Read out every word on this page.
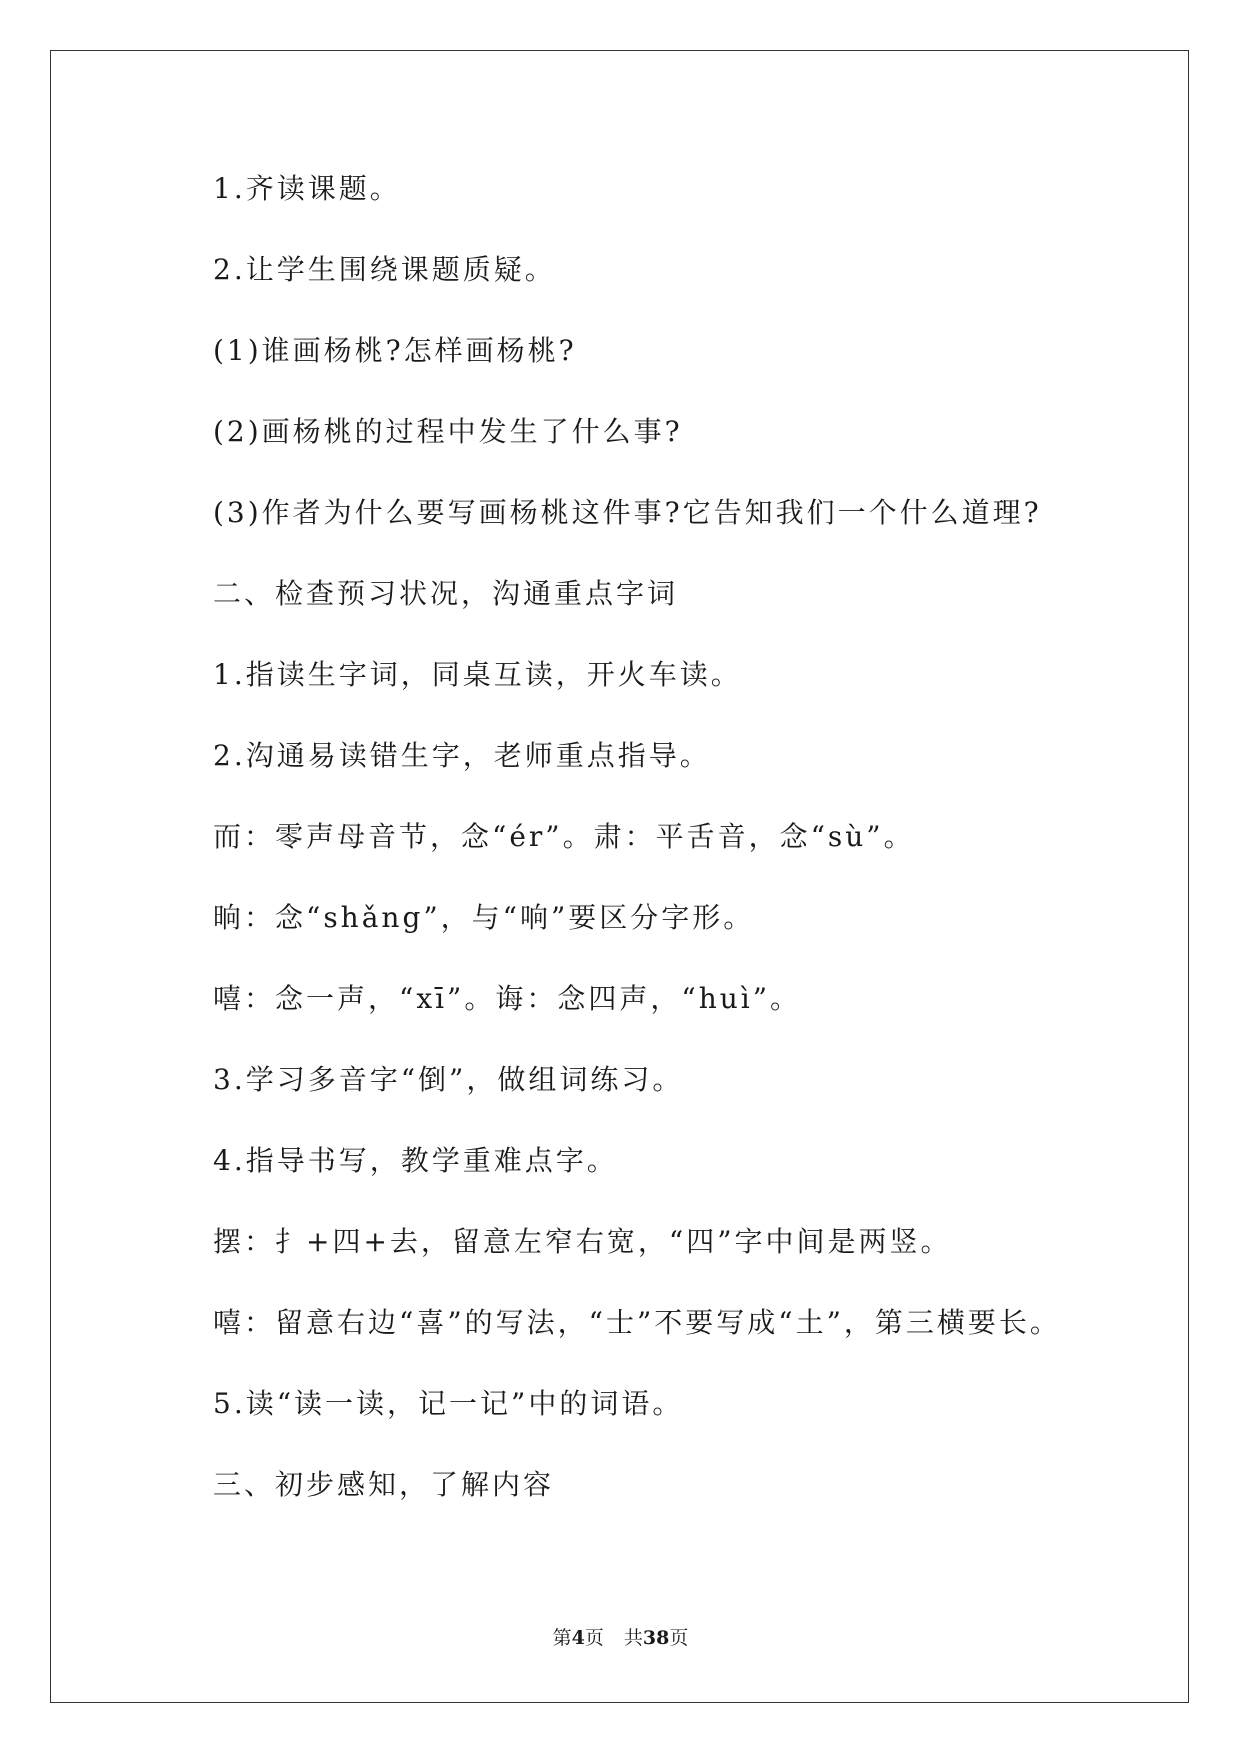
1.齐读课题。
2.让学生围绕课题质疑。
(1)谁画杨桃?怎样画杨桃?
(2)画杨桃的过程中发生了什么事?
(3)作者为什么要写画杨桃这件事?它告知我们一个什么道理?
二、检查预习状况，沟通重点字词
1.指读生字词，同桌互读，开火车读。
2.沟通易读错生字，老师重点指导。
而：零声母音节，念“ér”。肃：平舌音，念“sù”。
晌：念“shǎng”，与“响”要区分字形。
嘻：念一声，“xī”。诲：念四声，“huì”。
3.学习多音字“倒”，做组词练习。
4.指导书写，教学重难点字。
摆：扌+四+去，留意左窄右宽，“四”字中间是两竖。
嘻：留意右边“喜”的写法，“士”不要写成“土”，第三横要长。
5.读“读一读，记一记”中的词语。
三、初步感知，了解内容
第4页 共38页
